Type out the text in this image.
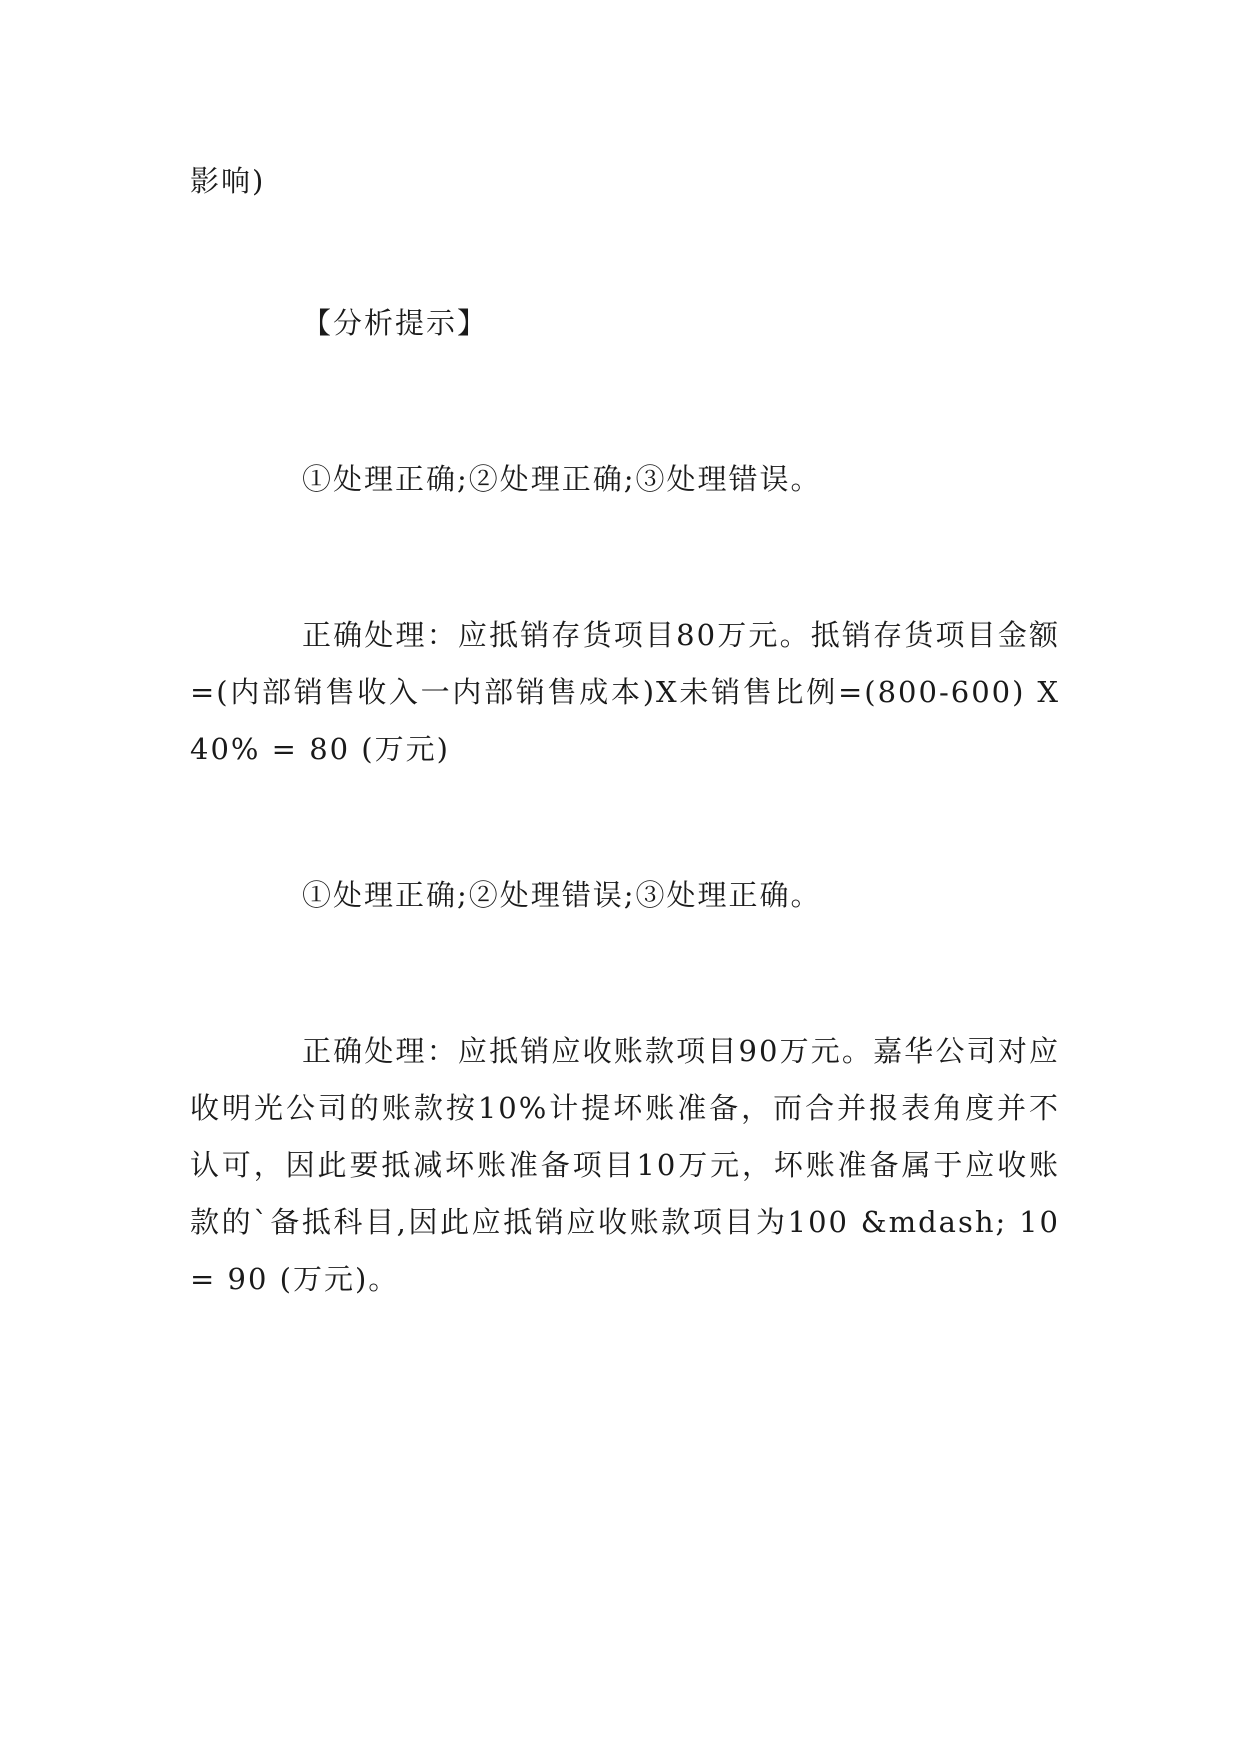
影响)

【分析提示】

①处理正确;②处理正确;③处理错误。

正确处理：应抵销存货项目80万元。抵销存货项目金额=(内部销售收入一内部销售成本)X未销售比例=(800-600) X40% = 80 (万元)

①处理正确;②处理错误;③处理正确。

正确处理：应抵销应收账款项目90万元。嘉华公司对应收明光公司的账款按10%计提坏账准备，而合并报表角度并不认可，因此要抵减坏账准备项目10万元，坏账准备属于应收账款的`备抵科目,因此应抵销应收账款项目为100 &mdash; 10 = 90 (万元)。
